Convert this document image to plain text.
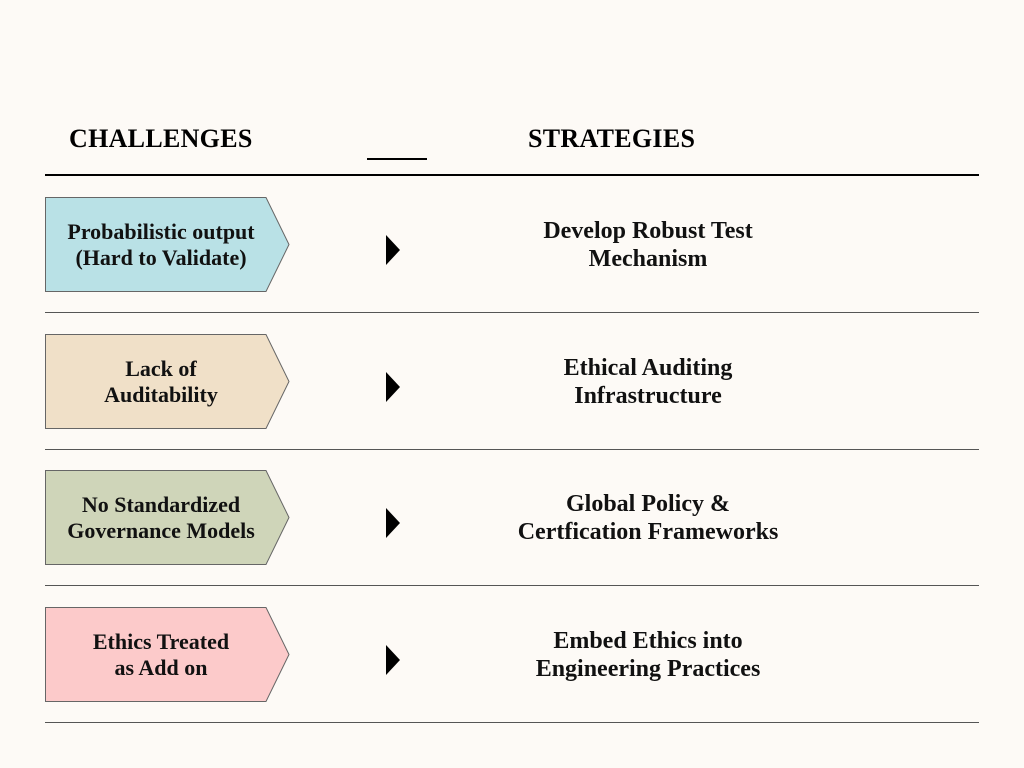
CHALLENGES	STRATEGIES
Probabilistic output
(Hard to Validate)
Develop Robust Test
Mechanism
Lack of
Auditability
Ethical Auditing
Infrastructure
No Standardized
Governance Models
Global Policy &
Certfication Frameworks
Ethics Treated
as Add on
Embed Ethics into
Engineering Practices
